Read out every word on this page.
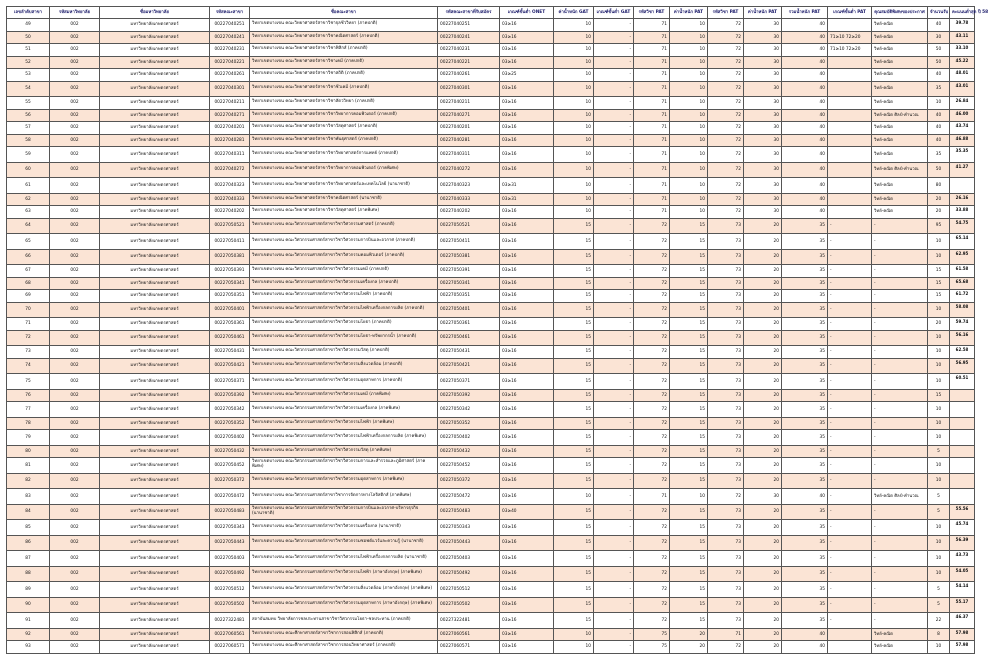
เลขลำดับสาขา	รหัสมหาวิทยาลัย	ชื่อมหาวิทยาลัย	รหัสคณะสาขา	ชื่อคณะสาขา	รหัสคณะสาขาที่รับสมัคร	เกณฑ์ขั้นต่ำ ONET	ค่าน้ำหนัก GAT	เกณฑ์ขั้นต่ำ GAT	รหัสวิชา PAT	ค่าน้ำหนัก PAT	รหัสวิชา PAT	ค่าน้ำหนัก PAT	รวมน้ำหนัก PAT	เกณฑ์ขั้นต่ำ PAT	คุณสมบัติพิเศษของประกาศ	จำนวนรับ	คะแนนต่ำสุด ปี 58
49	002	มหาวิทยาลัยเกษตรศาสตร์	00227040251	วิทยาเขตบางเขน คณะวิทยาศาสตร์สาขาวิชาจุลชีววิทยา (ภาคปกติ)	00227040251	03≥16	10	-	71	10	72	30	40		วิทย์-คณิต	40	39.78
50	002	มหาวิทยาลัยเกษตรศาสตร์	00227040241	วิทยาเขตบางเขน คณะวิทยาศาสตร์สาขาวิชาคณิตศาสตร์ (ภาคปกติ)	00227040241	03≥16	10	-	71	10	72	30	40	71≥10 72≥20	วิทย์-คณิต	30	43.11
51	002	มหาวิทยาลัยเกษตรศาสตร์	00227040231	วิทยาเขตบางเขน คณะวิทยาศาสตร์สาขาวิชาฟิสิกส์ (ภาคปกติ)	00227040231	03≥16	10	-	71	10	72	30	40	71≥10 72≥20	วิทย์-คณิต	50	33.10
52	002	มหาวิทยาลัยเกษตรศาสตร์	00227040221	วิทยาเขตบางเขน คณะวิทยาศาสตร์สาขาวิชาเคมี (ภาคปกติ)	00227040221	03≥16	10	-	71	10	72	30	40		วิทย์-คณิต	50	45.22
53	002	มหาวิทยาลัยเกษตรศาสตร์	00227040261	วิทยาเขตบางเขน คณะวิทยาศาสตร์สาขาวิชาสถิติ (ภาคปกติ)	00227040261	03≥25	10	-	71	10	72	30	40		วิทย์-คณิต	40	48.01
54	002	มหาวิทยาลัยเกษตรศาสตร์	00227040301	วิทยาเขตบางเขน คณะวิทยาศาสตร์สาขาวิชาชีวเคมี (ภาคปกติ)	00227040301	03≥16	10	-	71	10	72	30	40		วิทย์-คณิต	35	43.01
55	002	มหาวิทยาลัยเกษตรศาสตร์	00227040211	วิทยาเขตบางเขน คณะวิทยาศาสตร์สาขาวิชาสัตววิทยา (ภาคปกติ)	00227040211	03≥16	10	-	71	10	72	30	40		วิทย์-คณิต	10	26.84
56	002	มหาวิทยาลัยเกษตรศาสตร์	00227040271	วิทยาเขตบางเขน คณะวิทยาศาสตร์สาขาวิชาวิทยาการคอมพิวเตอร์ (ภาคปกติ)	00227040271	03≥16	10	-	71	10	72	30	40		วิทย์-คณิต ศิลป์-คำนวณ	40	46.00
57	002	มหาวิทยาลัยเกษตรศาสตร์	00227040201	วิทยาเขตบางเขน คณะวิทยาศาสตร์สาขาวิชาวัสดุศาสตร์ (ภาคปกติ)	00227040201	03≥16	10	-	71	10	72	30	40		วิทย์-คณิต	40	43.74
58	002	มหาวิทยาลัยเกษตรศาสตร์	00227040281	วิทยาเขตบางเขน คณะวิทยาศาสตร์สาขาวิชาพันธุศาสตร์ (ภาคปกติ)	00227040281	03≥16	10	-	71	10	72	30	40		วิทย์-คณิต	40	46.88
59	002	มหาวิทยาลัยเกษตรศาสตร์	00227040311	วิทยาเขตบางเขน คณะวิทยาศาสตร์สาขาวิชาวิทยาศาสตร์การแพทย์ (ภาคปกติ)	00227040311	03≥16	10	-	71	10	72	30	40		วิทย์-คณิต	35	35.35
60	002	มหาวิทยาลัยเกษตรศาสตร์	00227040272	วิทยาเขตบางเขน คณะวิทยาศาสตร์สาขาวิชาวิทยาการคอมพิวเตอร์ (ภาคพิเศษ)	00227040272	03≥16	10	-	71	10	72	30	40		วิทย์-คณิต ศิลป์-คำนวณ	50	41.27
61	002	มหาวิทยาลัยเกษตรศาสตร์	00227040323	วิทยาเขตบางเขน คณะวิทยาศาสตร์สาขาวิชาวิทยาศาสตร์และเทคโนโลยี (นานาชาติ)	00227040323	03≥31	10	-	71	10	72	30	40		วิทย์-คณิต	80	
62	002	มหาวิทยาลัยเกษตรศาสตร์	00227040333	วิทยาเขตบางเขน คณะวิทยาศาสตร์สาขาวิชาคณิตศาสตร์ (นานาชาติ)	00227040333	03≥31	10	-	71	10	72	30	40		วิทย์-คณิต	20	26.16
63	002	มหาวิทยาลัยเกษตรศาสตร์	00227040202	วิทยาเขตบางเขน คณะวิทยาศาสตร์สาขาวิชาวัสดุศาสตร์ (ภาคพิเศษ)	00227040202	03≥16	10	-	71	10	72	30	40		วิทย์-คณิต	20	33.88
64	002	มหาวิทยาลัยเกษตรศาสตร์	00227050521	วิทยาเขตบางเขน คณะวิศวกรรมศาสตร์สาขาวิชาวิศวกรรมศาสตร์ (ภาคปกติ)	00227050521	03≥16	15	-	72	15	73	20	35	-	-	95	54.75
65	002	มหาวิทยาลัยเกษตรศาสตร์	00227050411	วิทยาเขตบางเขน คณะวิศวกรรมศาสตร์สาขาวิชาวิศวกรรมการบินและอวกาศ (ภาคปกติ)	00227050411	03≥16	15	-	72	15	73	20	35	-	-	10	65.14
66	002	มหาวิทยาลัยเกษตรศาสตร์	00227050381	วิทยาเขตบางเขน คณะวิศวกรรมศาสตร์สาขาวิชาวิศวกรรมคอมพิวเตอร์ (ภาคปกติ)	00227050381	03≥16	15	-	72	15	73	20	35	-	-	10	62.95
67	002	มหาวิทยาลัยเกษตรศาสตร์	00227050391	วิทยาเขตบางเขน คณะวิศวกรรมศาสตร์สาขาวิชาวิศวกรรมเคมี (ภาคปกติ)	00227050391	03≥16	15	-	72	15	73	20	35	-	-	15	61.58
68	002	มหาวิทยาลัยเกษตรศาสตร์	00227050341	วิทยาเขตบางเขน คณะวิศวกรรมศาสตร์สาขาวิชาวิศวกรรมเครื่องกล (ภาคปกติ)	00227050341	03≥16	15	-	72	15	73	20	35	-	-	15	65.68
69	002	มหาวิทยาลัยเกษตรศาสตร์	00227050351	วิทยาเขตบางเขน คณะวิศวกรรมศาสตร์สาขาวิชาวิศวกรรมไฟฟ้า (ภาคปกติ)	00227050351	03≥16	15	-	72	15	73	20	35	-	-	15	61.72
70	002	มหาวิทยาลัยเกษตรศาสตร์	00227050401	วิทยาเขตบางเขน คณะวิศวกรรมศาสตร์สาขาวิชาวิศวกรรมไฟฟ้าเครื่องกลการผลิต (ภาคปกติ)	00227050401	03≥16	15	-	72	15	73	20	35	-	-	10	58.08
71	002	มหาวิทยาลัยเกษตรศาสตร์	00227050361	วิทยาเขตบางเขน คณะวิศวกรรมศาสตร์สาขาวิชาวิศวกรรมโยธา (ภาคปกติ)	00227050361	03≥16	15	-	72	15	73	20	35	-	-	20	59.74
72	002	มหาวิทยาลัยเกษตรศาสตร์	00227050461	วิทยาเขตบางเขน คณะวิศวกรรมศาสตร์สาขาวิชาวิศวกรรมโยธา-ทรัพยากรน้ำ (ภาคปกติ)	00227050461	03≥16	15	-	72	15	73	20	35	-	-	10	56.16
73	002	มหาวิทยาลัยเกษตรศาสตร์	00227050431	วิทยาเขตบางเขน คณะวิศวกรรมศาสตร์สาขาวิชาวิศวกรรมวัสดุ (ภาคปกติ)	00227050431	03≥16	15	-	72	15	73	20	35	-	-	10	62.58
74	002	มหาวิทยาลัยเกษตรศาสตร์	00227050421	วิทยาเขตบางเขน คณะวิศวกรรมศาสตร์สาขาวิชาวิศวกรรมสิ่งแวดล้อม (ภาคปกติ)	00227050421	03≥16	15	-	72	15	73	20	35	-	-	10	56.95
75	002	มหาวิทยาลัยเกษตรศาสตร์	00227050371	วิทยาเขตบางเขน คณะวิศวกรรมศาสตร์สาขาวิชาวิศวกรรมอุตสาหการ (ภาคปกติ)	00227050371	03≥16	15	-	72	15	73	20	35	-	-	10	60.51
76	002	มหาวิทยาลัยเกษตรศาสตร์	00227050392	วิทยาเขตบางเขน คณะวิศวกรรมศาสตร์สาขาวิชาวิศวกรรมเคมี (ภาคพิเศษ)	00227050392	03≥16	15	-	72	15	73	20	35	-	-	15	
77	002	มหาวิทยาลัยเกษตรศาสตร์	00227050342	วิทยาเขตบางเขน คณะวิศวกรรมศาสตร์สาขาวิชาวิศวกรรมเครื่องกล (ภาคพิเศษ)	00227050342	03≥16	15	-	72	15	73	20	35	-	-	10	
78	002	มหาวิทยาลัยเกษตรศาสตร์	00227050352	วิทยาเขตบางเขน คณะวิศวกรรมศาสตร์สาขาวิชาวิศวกรรมไฟฟ้า (ภาคพิเศษ)	00227050352	03≥16	15	-	72	15	73	20	35	-	-	10	
79	002	มหาวิทยาลัยเกษตรศาสตร์	00227050402	วิทยาเขตบางเขน คณะวิศวกรรมศาสตร์สาขาวิชาวิศวกรรมไฟฟ้าเครื่องกลการผลิต (ภาคพิเศษ)	00227050402	03≥16	15	-	72	15	73	20	35	-	-	10	
80	002	มหาวิทยาลัยเกษตรศาสตร์	00227050432	วิทยาเขตบางเขน คณะวิศวกรรมศาสตร์สาขาวิชาวิศวกรรมวัสดุ (ภาคพิเศษ)	00227050432	03≥16	15	-	72	15	73	20	35	-	-	5	
81	002	มหาวิทยาลัยเกษตรศาสตร์	00227050452	วิทยาเขตบางเขน คณะวิศวกรรมศาสตร์สาขาวิชาวิศวกรรมการและสำรวจและภูมิศาสตร์ (ภาคพิเศษ)	00227050452	03≥16	15	-	72	15	73	20	35	-	-	10	
82	002	มหาวิทยาลัยเกษตรศาสตร์	00227050372	วิทยาเขตบางเขน คณะวิศวกรรมศาสตร์สาขาวิชาวิศวกรรมอุตสาหการ (ภาคพิเศษ)	00227050372	03≥16	15	-	72	15	73	20	35	-	-	10	
83	002	มหาวิทยาลัยเกษตรศาสตร์	00227050472	วิทยาเขตบางเขน คณะวิศวกรรมศาสตร์สาขาวิชาการจัดการทางโลจิสติกส์ (ภาคพิเศษ)	00227050472	03≥16	10	-	71	10	72	30	40	-	วิทย์-คณิต ศิลป์-คำนวณ	5	
84	002	มหาวิทยาลัยเกษตรศาสตร์	00227050483	วิทยาเขตบางเขน คณะวิศวกรรมศาสตร์สาขาวิชาวิศวกรรมการบินและอวกาศ-บริหารธุรกิจ (นานาชาติ)	00227050483	03≥40	15	-	72	15	73	20	35	-	-	5	55.56
85	002	มหาวิทยาลัยเกษตรศาสตร์	00227050343	วิทยาเขตบางเขน คณะวิศวกรรมศาสตร์สาขาวิชาวิศวกรรมเครื่องกล (นานาชาติ)	00227050343	03≥16	15	-	72	15	73	20	35	-	-	10	45.74
86	002	มหาวิทยาลัยเกษตรศาสตร์	00227050443	วิทยาเขตบางเขน คณะวิศวกรรมศาสตร์สาขาวิชาวิศวกรรมซอฟต์แวร์และความรู้ (นานาชาติ)	00227050443	03≥16	15	-	72	15	73	20	35	-	-	10	56.39
87	002	มหาวิทยาลัยเกษตรศาสตร์	00227050403	วิทยาเขตบางเขน คณะวิศวกรรมศาสตร์สาขาวิชาวิศวกรรมไฟฟ้าเครื่องกลการผลิต (นานาชาติ)	00227050403	03≥16	15	-	72	15	73	20	35	-	-	10	43.73
88	002	มหาวิทยาลัยเกษตรศาสตร์	00227050492	วิทยาเขตบางเขน คณะวิศวกรรมศาสตร์สาขาวิชาวิศวกรรมไฟฟ้า (ภาษาอังกฤษ) (ภาคพิเศษ)	00227050492	03≥16	15	-	72	15	73	20	35	-	-	10	54.05
89	002	มหาวิทยาลัยเกษตรศาสตร์	00227050512	วิทยาเขตบางเขน คณะวิศวกรรมศาสตร์สาขาวิชาวิศวกรรมสิ่งแวดล้อม (ภาษาอังกฤษ) (ภาคพิเศษ)	00227050512	03≥16	15	-	72	15	73	20	35	-	-	5	54.14
90	002	มหาวิทยาลัยเกษตรศาสตร์	00227050502	วิทยาเขตบางเขน คณะวิศวกรรมศาสตร์สาขาวิชาวิศวกรรมอุตสาหการ (ภาษาอังกฤษ) (ภาคพิเศษ)	00227050502	03≥16	15	-	72	15	73	20	35	-	-	5	55.17
91	002	มหาวิทยาลัยเกษตรศาสตร์	00227322481	สถาบันสมทบ วิทยาลัยการชลประทานสาขาวิชาวิศวกรรมโยธา-ชลประทาน (ภาคปกติ)	00227322481	03≥16	15	-	72	15	73	20	35	-	-	22	46.37
92	002	มหาวิทยาลัยเกษตรศาสตร์	00227060561	วิทยาเขตบางเขน คณะศึกษาศาสตร์สาขาวิชาการสอนฟิสิกส์ (ภาคปกติ)	00227060561	03≥16	10	-	75	20	71	20	40		วิทย์-คณิต	8	57.98
93	002	มหาวิทยาลัยเกษตรศาสตร์	00227060571	วิทยาเขตบางเขน คณะศึกษาศาสตร์สาขาวิชาการสอนวิทยาศาสตร์ (ภาคปกติ)	00227060571	03≥16	10	-	75	20	72	20	40		วิทย์-คณิต	10	57.98
